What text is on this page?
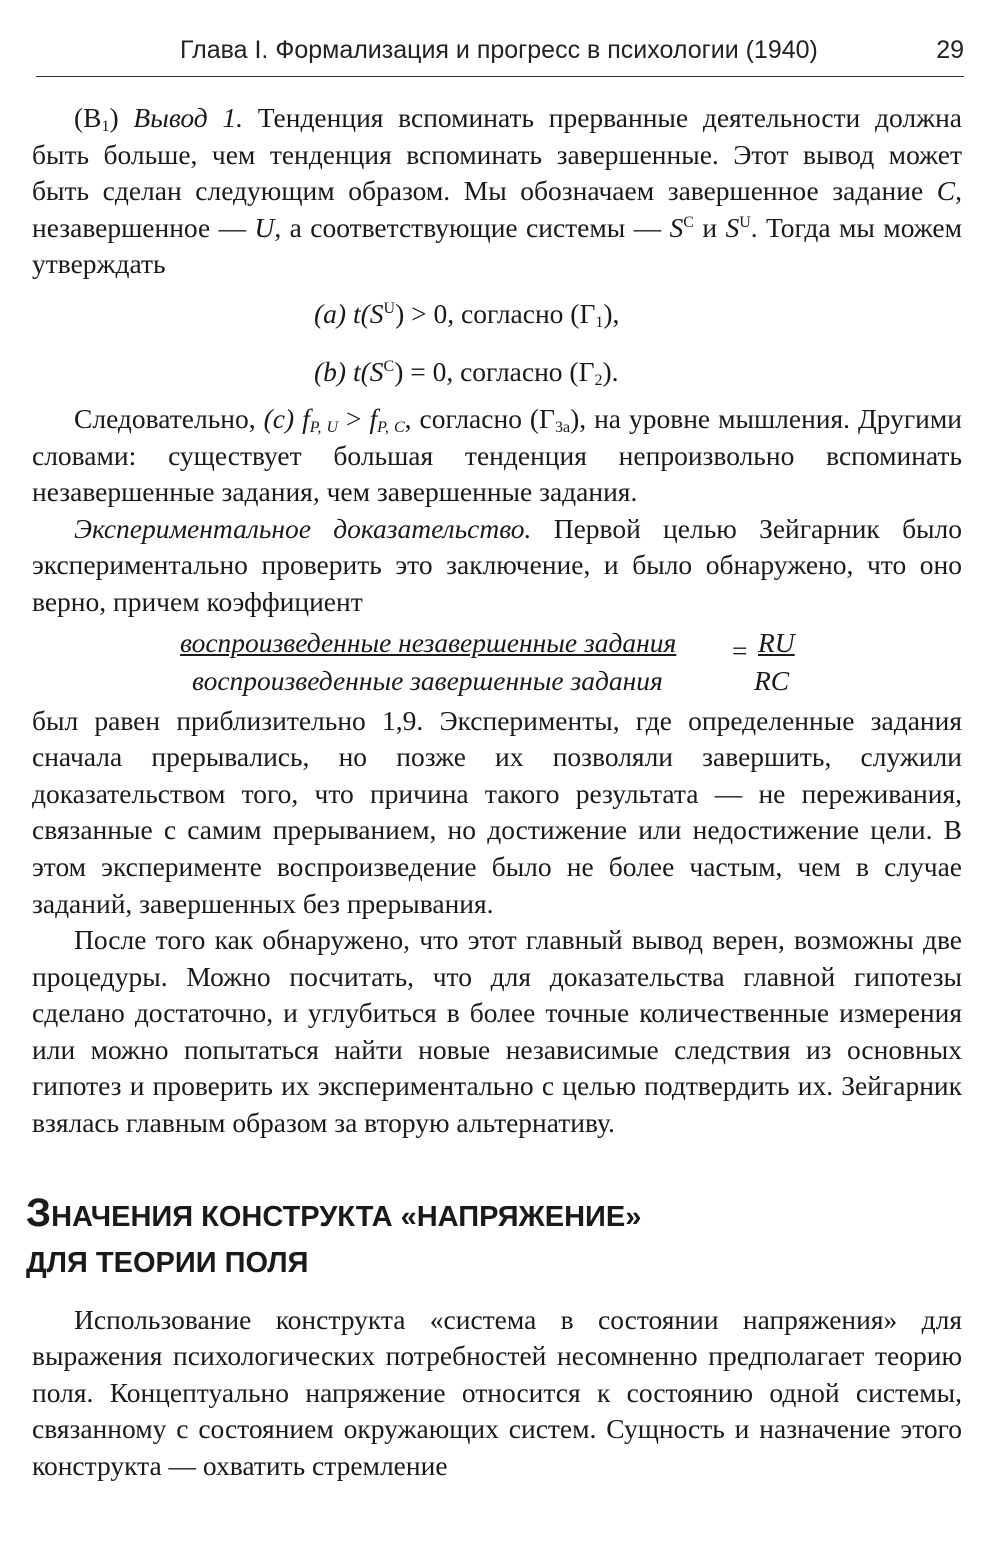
Глава I. Формализация и прогресс в психологии (1940)	29

$(B_1)$ Вывод 1. Тенденция вспоминать прерванные деятельности должна быть больше, чем тенденция вспоминать завершенные. Этот вывод может быть сделан следующим образом. Мы обозначаем завершенное задание C, незавершенное — U, а соответствующие системы — $S^C$ и $S^U$. Тогда мы можем утверждать

(a) $t(S^U) > 0$, согласно $(Г_1)$,

(b) $t(S^C) = 0$, согласно $(Г_2)$.

Следовательно, (c) $f_{P, U} > f_{P, C}$, согласно $(Г_{3a})$, на уровне мышления. Другими словами: существует большая тенденция непроизвольно вспоминать незавершенные задания, чем завершенные задания.

Экспериментальное доказательство. Первой целью Зейгарник было экспериментально проверить это заключение, и было обнаружено, что оно верно, причем коэффициент

воспроизведенные незавершенные задания
воспроизведенные завершенные задания
= RU
RC

был равен приблизительно 1,9. Эксперименты, где определенные задания сначала прерывались, но позже их позволяли завершить, служили доказательством того, что причина такого результата — не переживания, связанные с самим прерыванием, но достижение или недостижение цели. В этом эксперименте воспроизведение было не более частым, чем в случае заданий, завершенных без прерывания.

После того как обнаружено, что этот главный вывод верен, возможны две процедуры. Можно посчитать, что для доказательства главной гипотезы сделано достаточно, и углубиться в более точные количественные измерения или можно попытаться найти новые независимые следствия из основных гипотез и проверить их экспериментально с целью подтвердить их. Зейгарник взялась главным образом за вторую альтернативу.

ЗНАЧЕНИЯ КОНСТРУКТА «НАПРЯЖЕНИЕ»
ДЛЯ ТЕОРИИ ПОЛЯ

Использование конструкта «система в состоянии напряжения» для выражения психологических потребностей несомненно предполагает теорию поля. Концептуально напряжение относится к состоянию одной системы, связанному с состоянием окружающих систем. Сущность и назначение этого конструкта — охватить стремление
